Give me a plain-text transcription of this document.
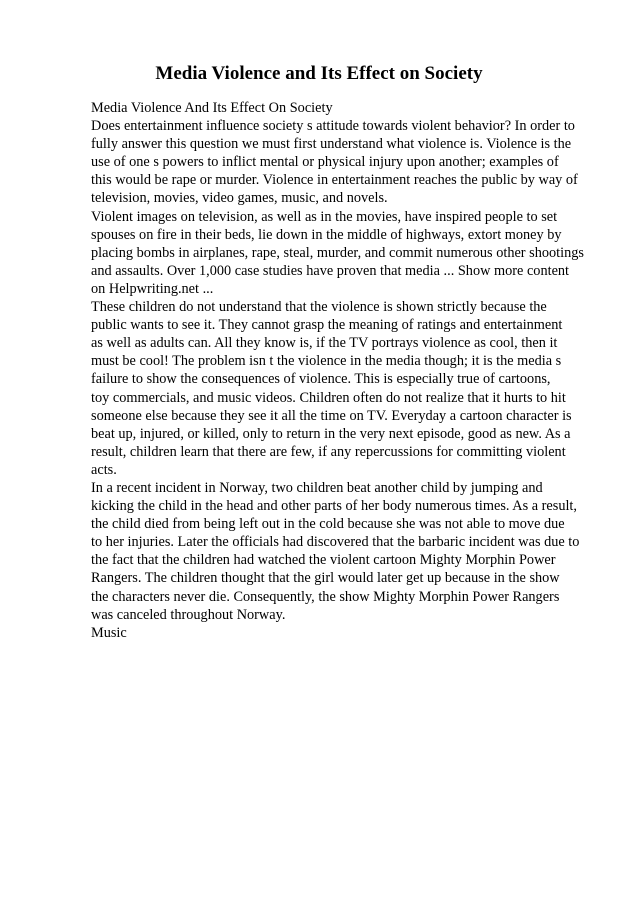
Media Violence and Its Effect on Society
Media Violence And Its Effect On Society
Does entertainment influence society s attitude towards violent behavior? In order to
fully answer this question we must first understand what violence is. Violence is the
use of one s powers to inflict mental or physical injury upon another; examples of
this would be rape or murder. Violence in entertainment reaches the public by way of
television, movies, video games, music, and novels.
Violent images on television, as well as in the movies, have inspired people to set
spouses on fire in their beds, lie down in the middle of highways, extort money by
placing bombs in airplanes, rape, steal, murder, and commit numerous other shootings
and assaults. Over 1,000 case studies have proven that media ... Show more content
on Helpwriting.net ...
These children do not understand that the violence is shown strictly because the
public wants to see it. They cannot grasp the meaning of ratings and entertainment
as well as adults can. All they know is, if the TV portrays violence as cool, then it
must be cool! The problem isn t the violence in the media though; it is the media s
failure to show the consequences of violence. This is especially true of cartoons,
toy commercials, and music videos. Children often do not realize that it hurts to hit
someone else because they see it all the time on TV. Everyday a cartoon character is
beat up, injured, or killed, only to return in the very next episode, good as new. As a
result, children learn that there are few, if any repercussions for committing violent
acts.
In a recent incident in Norway, two children beat another child by jumping and
kicking the child in the head and other parts of her body numerous times. As a result,
the child died from being left out in the cold because she was not able to move due
to her injuries. Later the officials had discovered that the barbaric incident was due to
the fact that the children had watched the violent cartoon Mighty Morphin Power
Rangers. The children thought that the girl would later get up because in the show
the characters never die. Consequently, the show Mighty Morphin Power Rangers
was canceled throughout Norway.
Music
